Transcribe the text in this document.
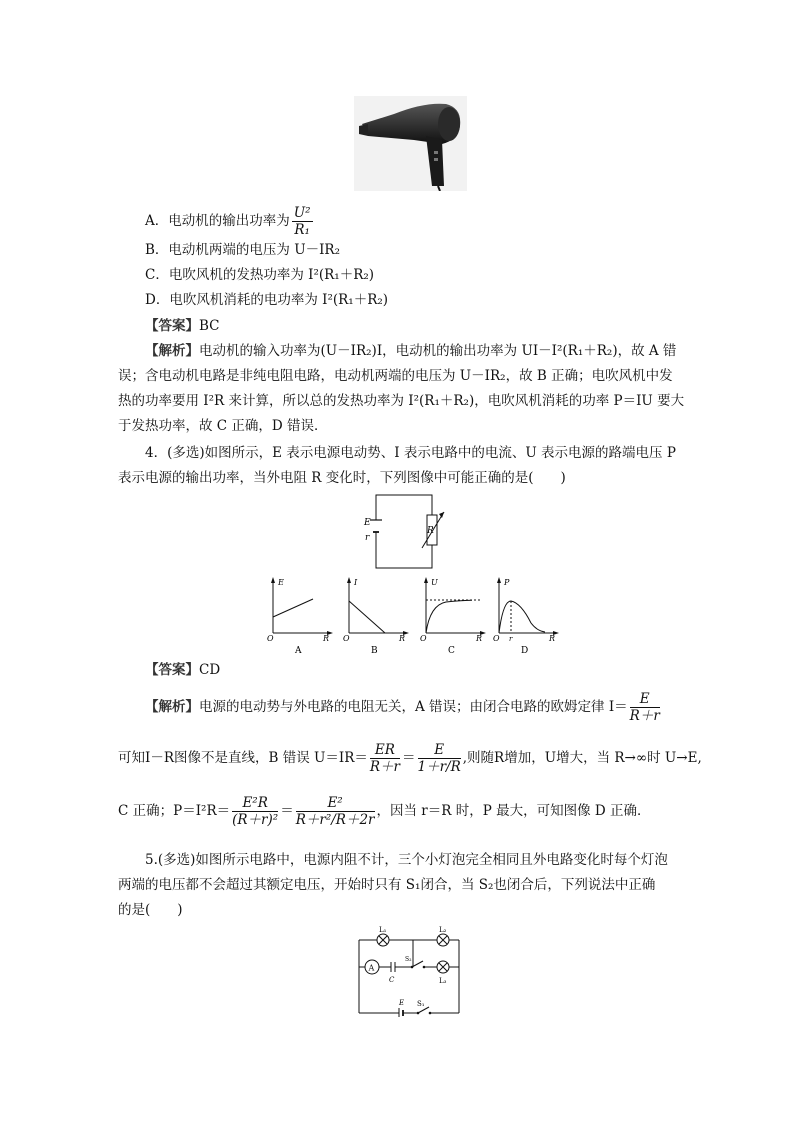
A．电动机的输出功率为 $\frac{\text{U²}}{\text{R₁}}$
B．电动机两端的电压为 U－IR₂
C．电吹风机的发热功率为 I²(R₁＋R₂)
D．电吹风机消耗的电功率为 I²(R₁＋R₂)
【答案】BC
【解析】电动机的输入功率为(U－IR₂)I，电动机的输出功率为 UI－I²(R₁＋R₂)，故 A 错
误；含电动机电路是非纯电阻电路，电动机两端的电压为 U－IR₂，故 B 正确；电吹风机中发
热的功率要用 I²R 来计算，所以总的发热功率为 I²(R₁＋R₂)，电吹风机消耗的功率 P＝IU 要大
于发热功率，故 C 正确，D 错误．
4．(多选)如图所示，E 表示电源电动势、I 表示电路中的电流、U 表示电源的路端电压 P
表示电源的输出功率，当外电阻 R 变化时，下列图像中可能正确的是(　　)
E
r
R
E
O	R
A
I
O	R
B
U
O	R
C
P
O r	R
D
【答案】CD
【解析】电源的电动势与外电路的电阻无关，A 错误；由闭合电路的欧姆定律 $I= \frac{E}{R+r}$
可知I－R图像不是直线，B 错误 $U=IR= \frac{ER}{R+r} = \frac{E}{1+r/R}$ ,则随R增加，U增大，当 R→∞时 U→E,
C 正确；$P=I^2R= \frac{\text{E²R}}{\text{(R＋r)²}} = \frac{\text{E²}}{\text{R＋r²/R＋2r}}$ ，因当 r＝R 时，P 最大，可知图像 D 正确．
5.(多选)如图所示电路中，电源内阻不计，三个小灯泡完全相同且外电路变化时每个灯泡
两端的电压都不会超过其额定电压，开始时只有 S₁闭合，当 S₂也闭合后，下列说法中正确
的是(　　)
A
L₁	L₂
L₃
S₂
C
E S₁
